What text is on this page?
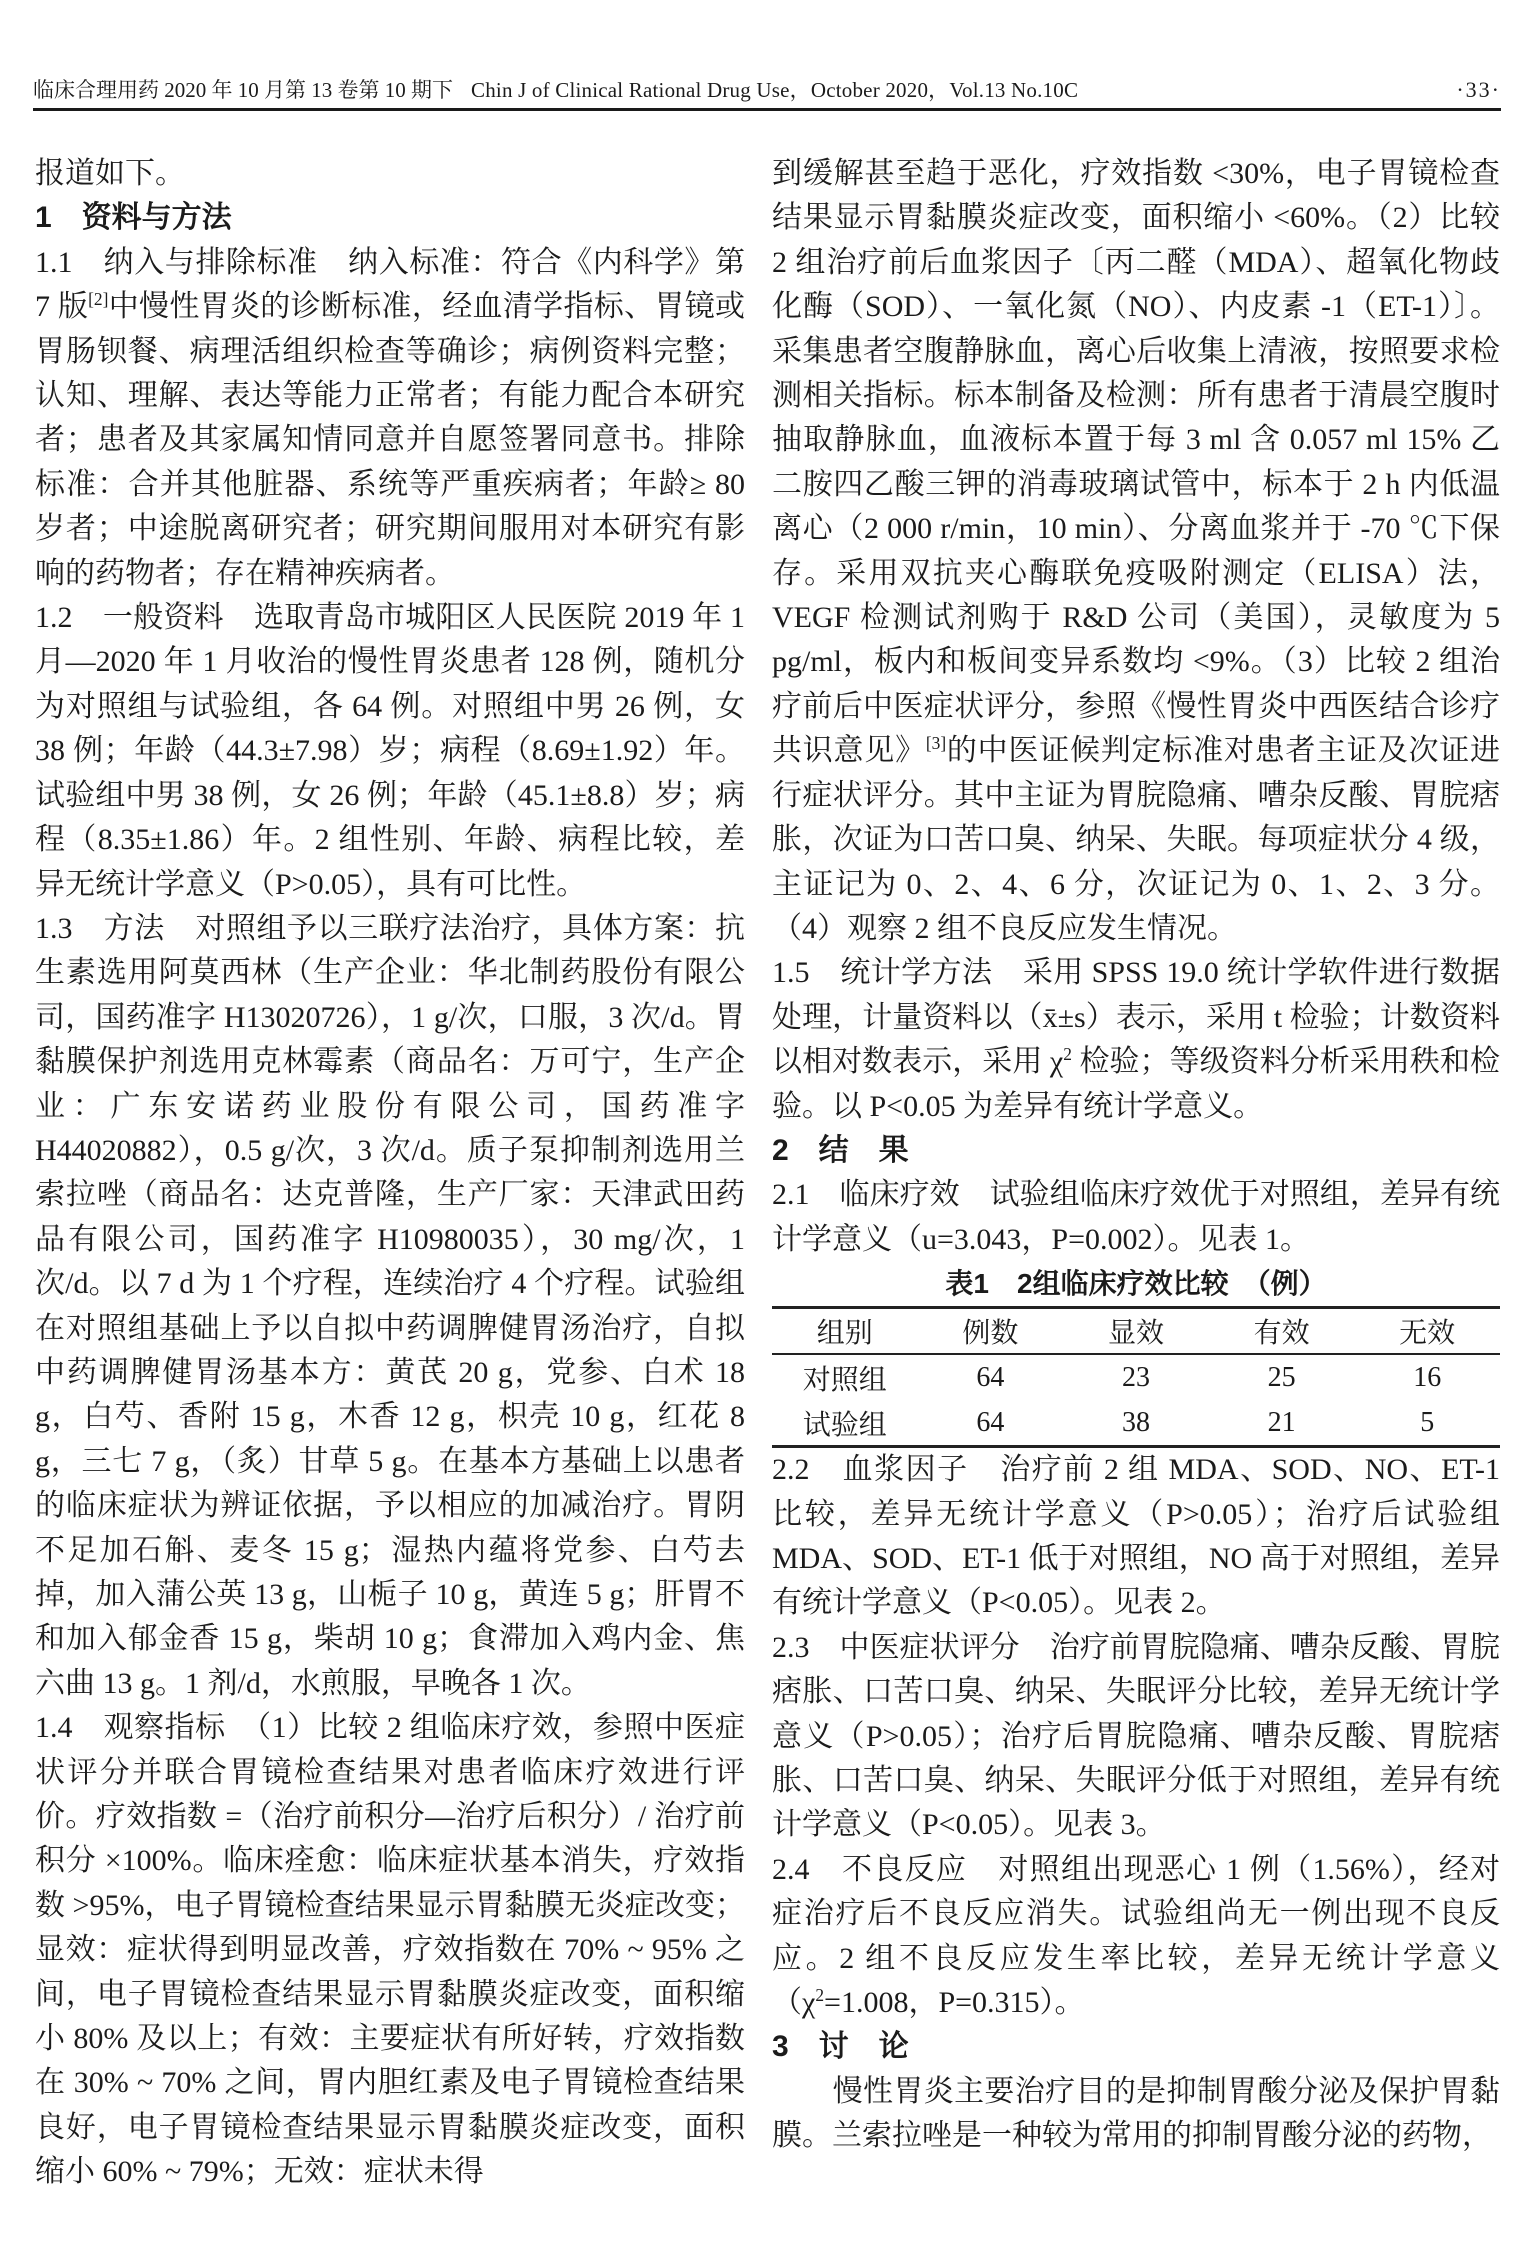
临床合理用药 2020 年 10 月第 13 卷第 10 期下 Chin J of Clinical Rational Drug Use，October 2020，Vol.13 No.10C	·33·

报道如下。

1　资料与方法

1.1　纳入与排除标准　纳入标准：符合《内科学》第 7 版[2]中慢性胃炎的诊断标准，经血清学指标、胃镜或胃肠钡餐、病理活组织检查等确诊；病例资料完整；认知、理解、表达等能力正常者；有能力配合本研究者；患者及其家属知情同意并自愿签署同意书。排除标准：合并其他脏器、系统等严重疾病者；年龄≥ 80 岁者；中途脱离研究者；研究期间服用对本研究有影响的药物者；存在精神疾病者。

1.2　一般资料　选取青岛市城阳区人民医院 2019 年 1 月—2020 年 1 月收治的慢性胃炎患者 128 例，随机分为对照组与试验组，各 64 例。对照组中男 26 例，女 38 例；年龄（44.3±7.98）岁；病程（8.69±1.92）年。试验组中男 38 例，女 26 例；年龄（45.1±8.8）岁；病程（8.35±1.86）年。2 组性别、年龄、病程比较，差异无统计学意义（P>0.05），具有可比性。

1.3　方法　对照组予以三联疗法治疗，具体方案：抗生素选用阿莫西林（生产企业：华北制药股份有限公司，国药准字 H13020726），1 g/次，口服，3 次/d。胃黏膜保护剂选用克林霉素（商品名：万可宁，生产企业：广东安诺药业股份有限公司，国药准字 H44020882），0.5 g/次，3 次/d。质子泵抑制剂选用兰索拉唑（商品名：达克普隆，生产厂家：天津武田药品有限公司，国药准字 H10980035），30 mg/次，1 次/d。以 7 d 为 1 个疗程，连续治疗 4 个疗程。试验组在对照组基础上予以自拟中药调脾健胃汤治疗，自拟中药调脾健胃汤基本方：黄芪 20 g，党参、白术 18 g，白芍、香附 15 g，木香 12 g，枳壳 10 g，红花 8 g，三七 7 g，（炙）甘草 5 g。在基本方基础上以患者的临床症状为辨证依据，予以相应的加减治疗。胃阴不足加石斛、麦冬 15 g；湿热内蕴将党参、白芍去掉，加入蒲公英 13 g，山栀子 10 g，黄连 5 g；肝胃不和加入郁金香 15 g，柴胡 10 g；食滞加入鸡内金、焦六曲 13 g。1 剂/d，水煎服，早晚各 1 次。

1.4　观察指标　（1）比较 2 组临床疗效，参照中医症状评分并联合胃镜检查结果对患者临床疗效进行评价。疗效指数 =（治疗前积分—治疗后积分）/ 治疗前积分 ×100%。临床痊愈：临床症状基本消失，疗效指数 >95%，电子胃镜检查结果显示胃黏膜无炎症改变；显效：症状得到明显改善，疗效指数在 70% ~ 95% 之间，电子胃镜检查结果显示胃黏膜炎症改变，面积缩小 80% 及以上；有效：主要症状有所好转，疗效指数在 30% ~ 70% 之间，胃内胆红素及电子胃镜检查结果良好，电子胃镜检查结果显示胃黏膜炎症改变，面积缩小 60% ~ 79%；无效：症状未得

到缓解甚至趋于恶化，疗效指数 <30%，电子胃镜检查结果显示胃黏膜炎症改变，面积缩小 <60%。（2）比较 2 组治疗前后血浆因子〔丙二醛（MDA）、超氧化物歧化酶（SOD）、一氧化氮（NO）、内皮素 -1（ET-1）〕。采集患者空腹静脉血，离心后收集上清液，按照要求检测相关指标。标本制备及检测：所有患者于清晨空腹时抽取静脉血，血液标本置于每 3 ml 含 0.057 ml 15% 乙二胺四乙酸三钾的消毒玻璃试管中，标本于 2 h 内低温离心（2 000 r/min，10 min）、分离血浆并于 -70 ℃下保存。采用双抗夹心酶联免疫吸附测定（ELISA）法，VEGF 检测试剂购于 R&D 公司（美国），灵敏度为 5 pg/ml，板内和板间变异系数均 <9%。（3）比较 2 组治疗前后中医症状评分，参照《慢性胃炎中西医结合诊疗共识意见》[3]的中医证候判定标准对患者主证及次证进行症状评分。其中主证为胃脘隐痛、嘈杂反酸、胃脘痞胀，次证为口苦口臭、纳呆、失眠。每项症状分 4 级，主证记为 0、2、4、6 分，次证记为 0、1、2、3 分。（4）观察 2 组不良反应发生情况。

1.5　统计学方法　采用 SPSS 19.0 统计学软件进行数据处理，计量资料以（x̄±s）表示，采用 t 检验；计数资料以相对数表示，采用 χ$^2$ 检验；等级资料分析采用秩和检验。以 P<0.05 为差异有统计学意义。

2　结　果

2.1　临床疗效　试验组临床疗效优于对照组，差异有统计学意义（u=3.043，P=0.002）。见表 1。

表1　2组临床疗效比较　（例）

组别	例数	显效	有效	无效
对照组	64	23	25	16
试验组	64	38	21	5

2.2　血浆因子　治疗前 2 组 MDA、SOD、NO、ET-1 比较，差异无统计学意义（P>0.05）；治疗后试验组 MDA、SOD、ET-1 低于对照组，NO 高于对照组，差异有统计学意义（P<0.05）。见表 2。

2.3　中医症状评分　治疗前胃脘隐痛、嘈杂反酸、胃脘痞胀、口苦口臭、纳呆、失眠评分比较，差异无统计学意义（P>0.05）；治疗后胃脘隐痛、嘈杂反酸、胃脘痞胀、口苦口臭、纳呆、失眠评分低于对照组，差异有统计学意义（P<0.05）。见表 3。

2.4　不良反应　对照组出现恶心 1 例（1.56%），经对症治疗后不良反应消失。试验组尚无一例出现不良反应。2 组不良反应发生率比较，差异无统计学意义（χ$^2$=1.008，P=0.315）。

3　讨　论

　　慢性胃炎主要治疗目的是抑制胃酸分泌及保护胃黏膜。兰索拉唑是一种较为常用的抑制胃酸分泌的药物，
